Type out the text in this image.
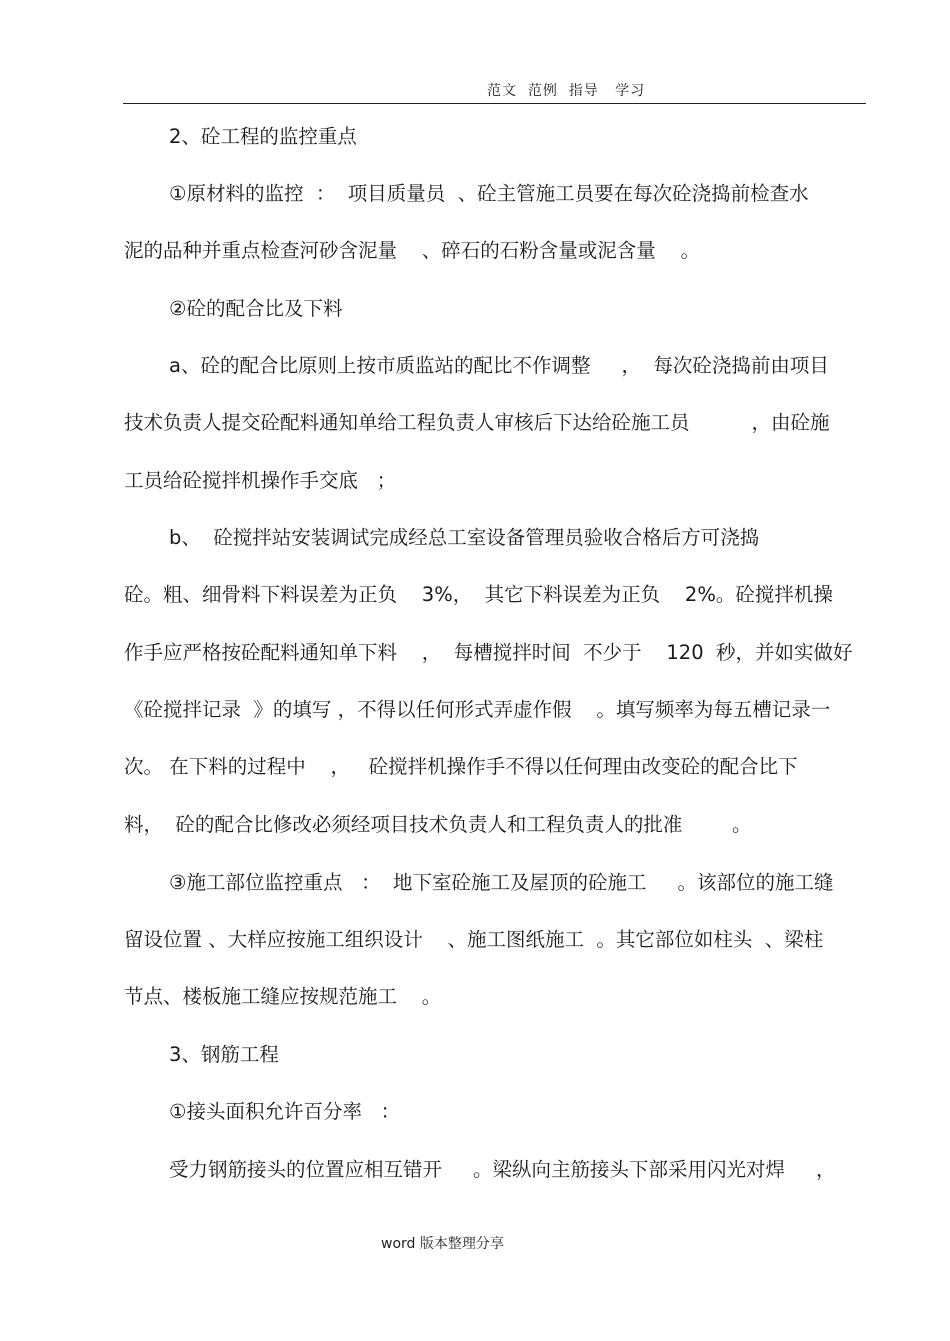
范文  范例  指导   学习
2、砼工程的监控重点
①原材料的监控  ：  项目质量员  、砼主管施工员要在每次砼浇捣前检查水
泥的品种并重点检查河砂含泥量    、碎石的石粉含量或泥含量    。
②砼的配合比及下料
a、砼的配合比原则上按市质监站的配比不作调整     ，  每次砼浇捣前由项目
技术负责人提交砼配料通知单给工程负责人审核后下达给砼施工员          ，由砼施
工员给砼搅拌机操作手交底   ；
b、  砼搅拌站安装调试完成经总工室设备管理员验收合格后方可浇捣
砼。粗、细骨料下料误差为正负    3%，  其它下料误差为正负    2%。砼搅拌机操
作手应严格按砼配料通知单下料    ，  每槽搅拌时间  不少于    120  秒，并如实做好
《砼搅拌记录  》的填写 ，不得以任何形式弄虚作假    。填写频率为每五槽记录一
次。 在下料的过程中    ，   砼搅拌机操作手不得以任何理由改变砼的配合比下
料，  砼的配合比修改必须经项目技术负责人和工程负责人的批准        。
③施工部位监控重点   ：  地下室砼施工及屋顶的砼施工     。该部位的施工缝
留设位置 、大样应按施工组织设计    、施工图纸施工  。其它部位如柱头  、梁柱
节点、楼板施工缝应按规范施工    。
3、钢筋工程
①接头面积允许百分率   ：
受力钢筋接头的位置应相互错开     。梁纵向主筋接头下部采用闪光对焊     ，
word 版本整理分享
